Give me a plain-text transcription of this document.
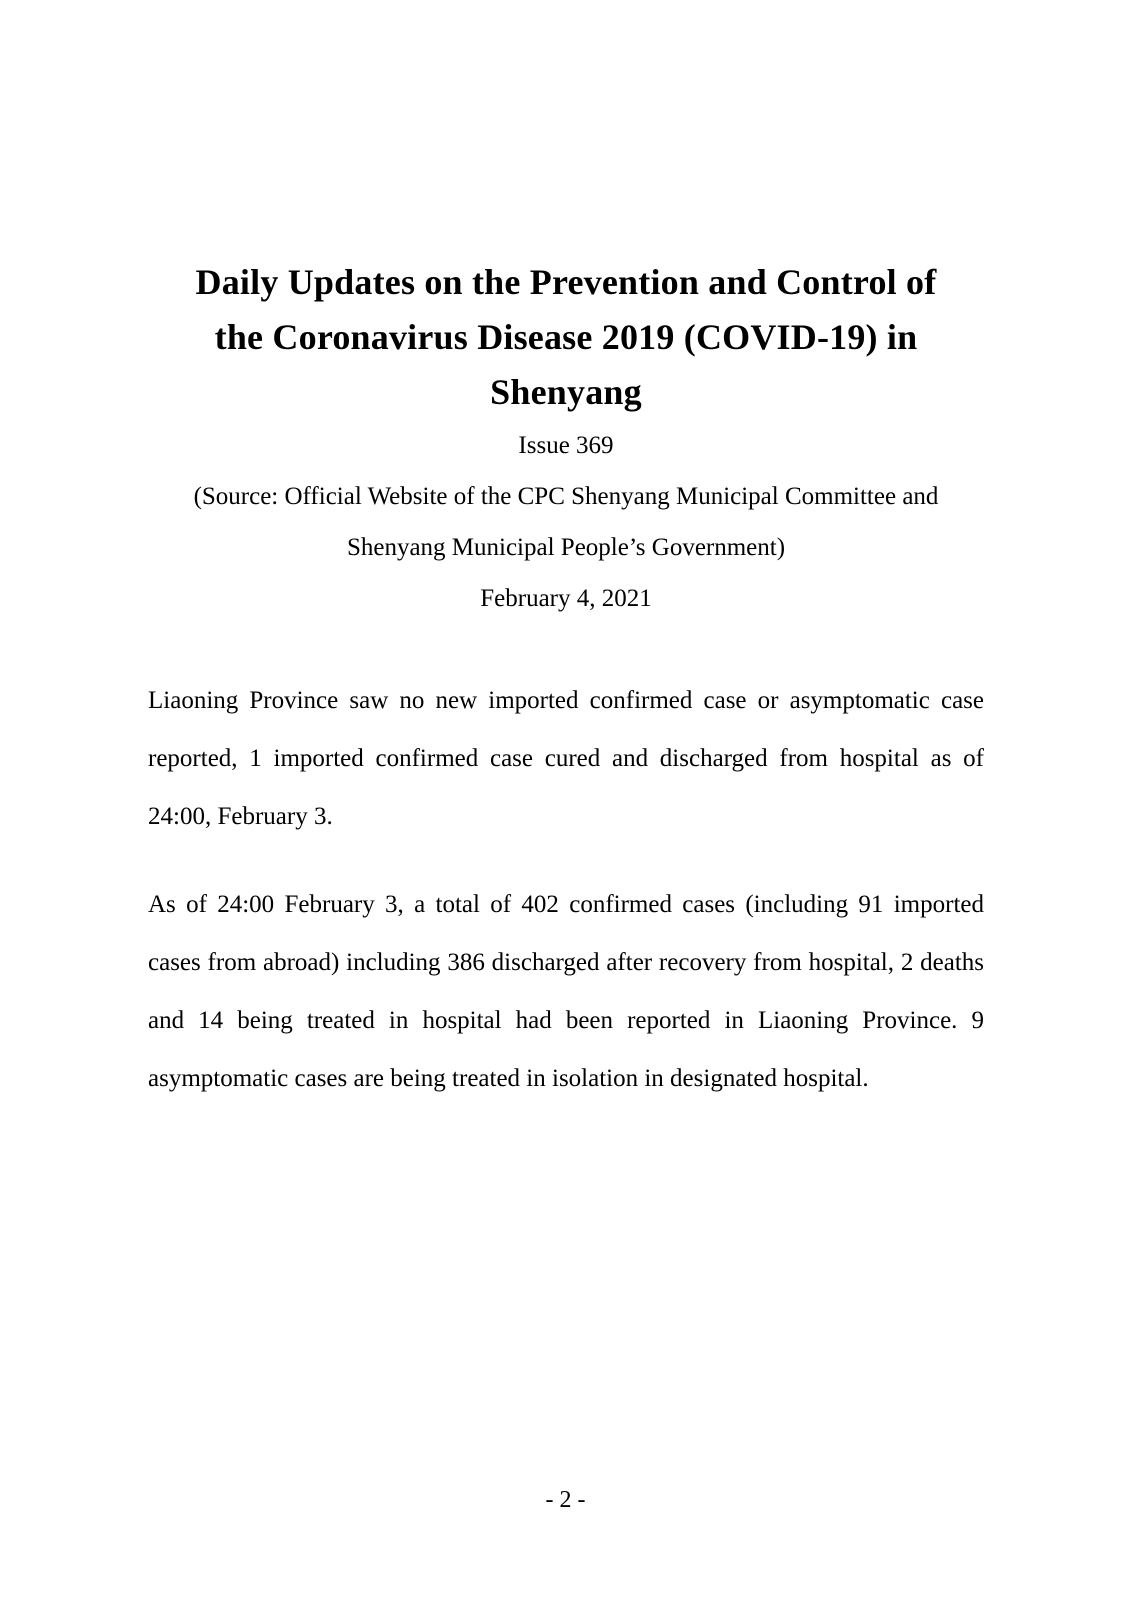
Daily Updates on the Prevention and Control of
the Coronavirus Disease 2019 (COVID-19) in
Shenyang
Issue 369
(Source: Official Website of the CPC Shenyang Municipal Committee and
Shenyang Municipal People’s Government)
February 4, 2021

Liaoning Province saw no new imported confirmed case or asymptomatic case reported, 1 imported confirmed case cured and discharged from hospital as of 24:00, February 3.

As of 24:00 February 3, a total of 402 confirmed cases (including 91 imported cases from abroad) including 386 discharged after recovery from hospital, 2 deaths and 14 being treated in hospital had been reported in Liaoning Province. 9 asymptomatic cases are being treated in isolation in designated hospital.

- 2 -
